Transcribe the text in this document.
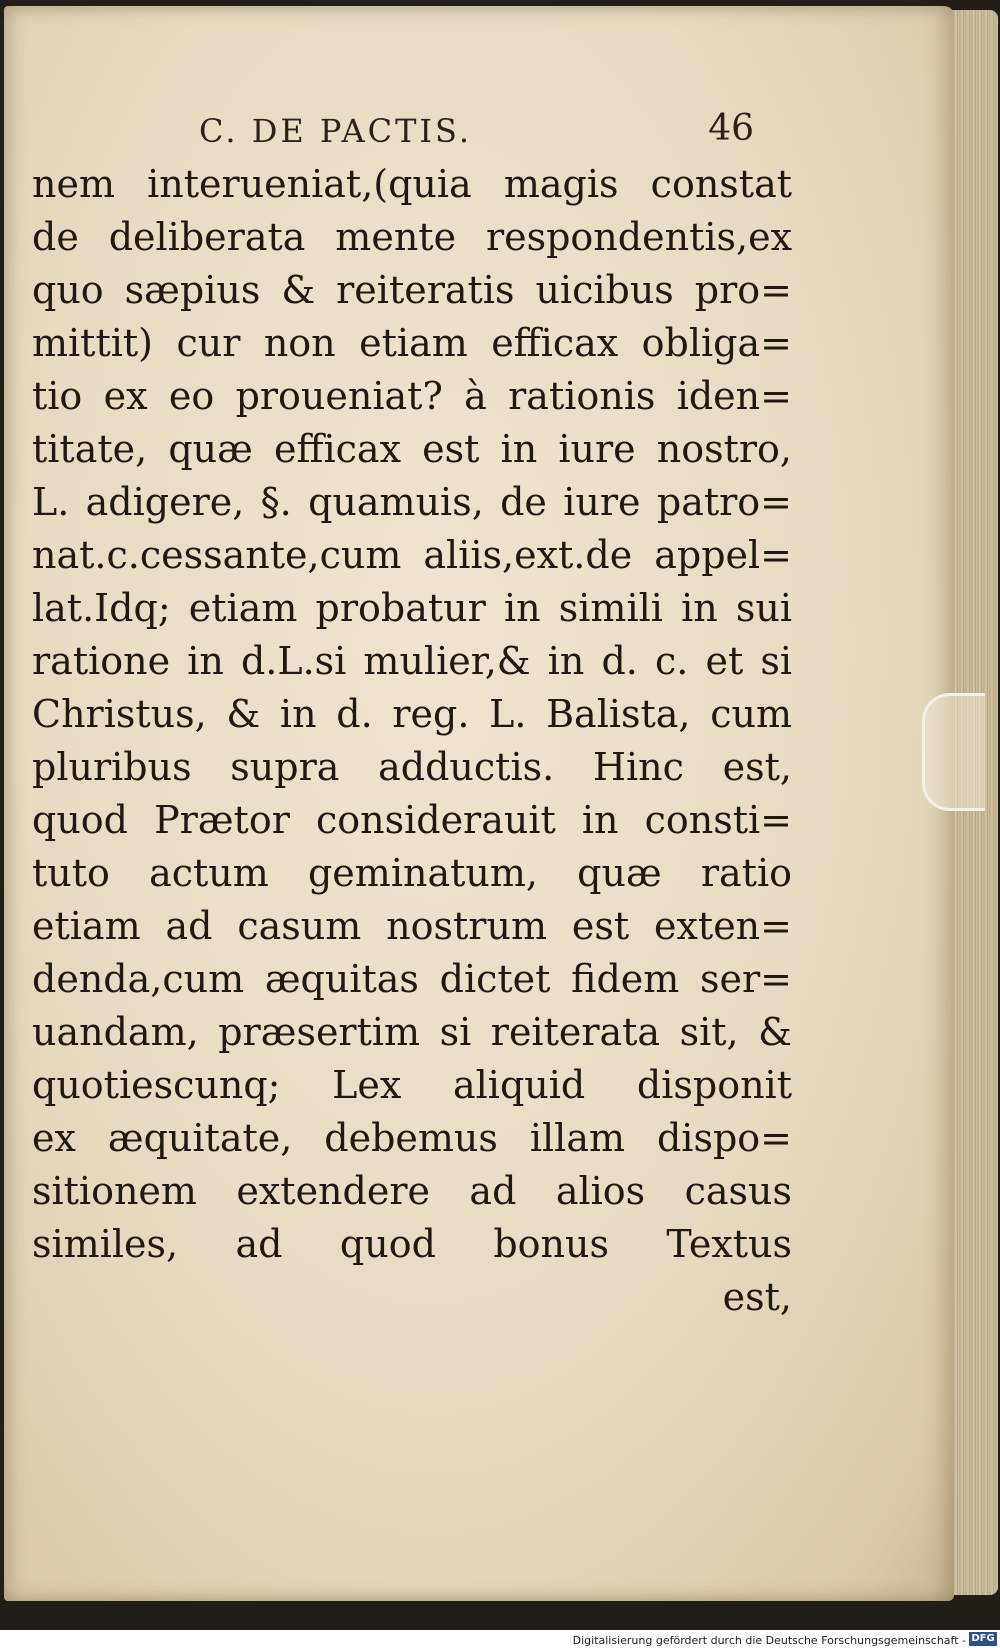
C. DE PACTIS.	46
nem interueniat,(quia magis constat
de deliberata mente respondentis,ex
quo sæpius & reiteratis uicibus pro=
mittit) cur non etiam efficax obliga=
tio ex eo proueniat? à rationis iden=
titate, quæ efficax est in iure nostro,
L. adigere, §. quamuis, de iure patro=
nat.c.cessante,cum aliis,ext.de appel=
lat.Idq; etiam probatur in simili in sui
ratione in d.L.si mulier,& in d. c. et si
Christus, & in d. reg. L. Balista, cum
pluribus supra adductis. Hinc est,
quod Prætor considerauit in consti=
tuto actum geminatum, quæ ratio
etiam ad casum nostrum est exten=
denda,cum æquitas dictet fidem ser=
uandam, præsertim si reiterata sit, &
quotiescunq; Lex aliquid disponit
ex æquitate, debemus illam dispo=
sitionem extendere ad alios casus
similes, ad quod bonus Textus
est,
Digitalisierung gefördert durch die Deutsche Forschungsgemeinschaft - DFG
